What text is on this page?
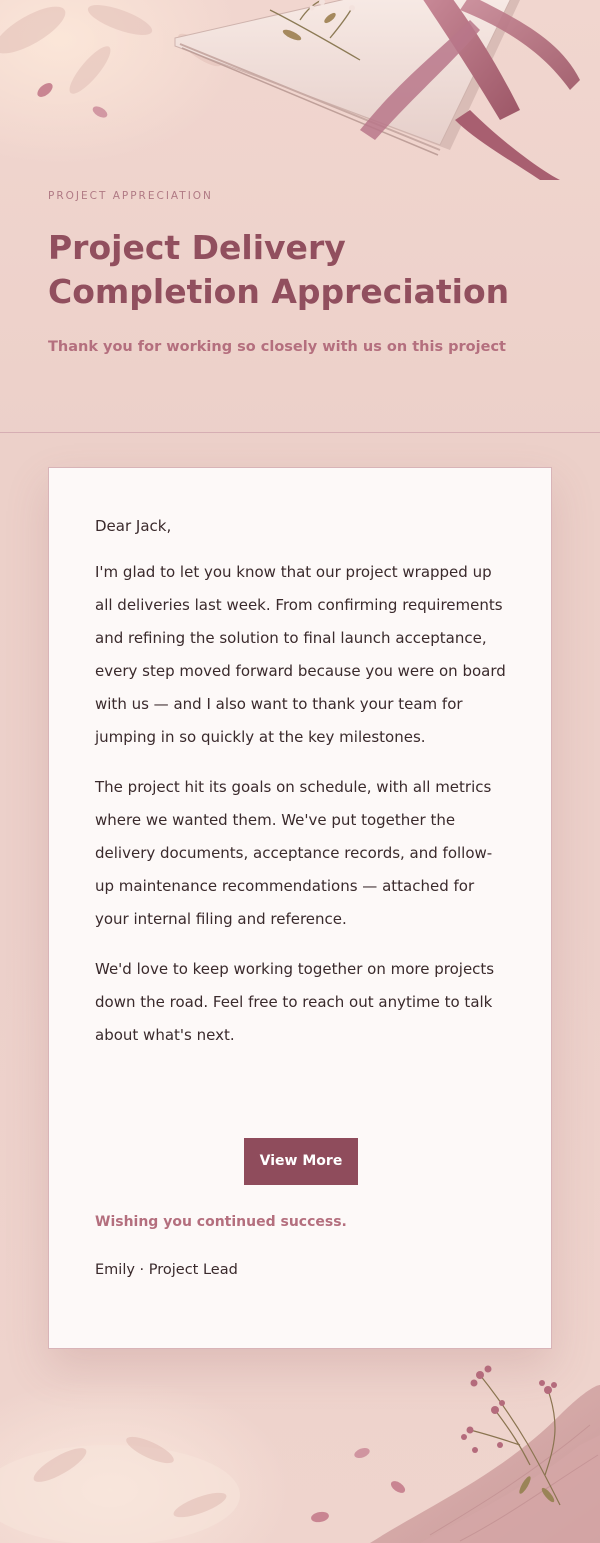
PROJECT APPRECIATION
Project Delivery Completion Appreciation
Thank you for working so closely with us on this project
Dear Jack,
I'm glad to let you know that our project wrapped up all deliveries last week. From confirming requirements and refining the solution to final launch acceptance, every step moved forward because you were on board with us — and I also want to thank your team for jumping in so quickly at the key milestones.
The project hit its goals on schedule, with all metrics where we wanted them. We've put together the delivery documents, acceptance records, and follow-up maintenance recommendations — attached for your internal filing and reference.
We'd love to keep working together on more projects down the road. Feel free to reach out anytime to talk about what's next.
View More
Wishing you continued success.
Emily · Project Lead
